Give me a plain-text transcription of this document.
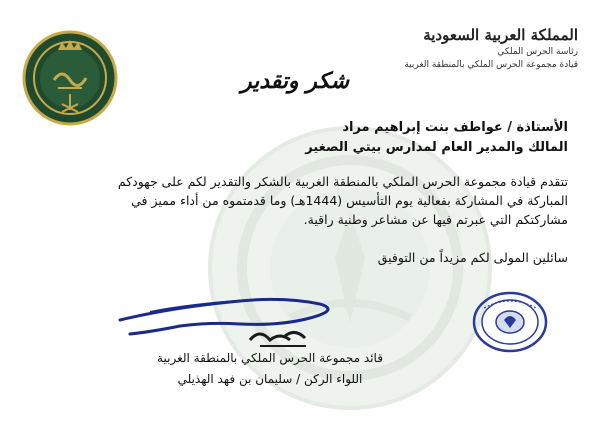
المملكة العربية السعودية
رئاسة الحرس الملكي
قيادة مجموعة الحرس الملكي بالمنطقة الغربية
شكر وتقدير
الأستاذة / عواطف بنت إبراهيم مراد
المالك والمدير العام لمدارس بيتي الصغير
تتقدم قيادة مجموعة الحرس الملكي بالمنطقة الغربية بالشكر والتقدير لكم على جهودكم
المباركة في المشاركة بفعالية يوم التأسيس (1444هـ) وما قدمتموه من أداء مميز في
مشاركتكم التي عبرتم فيها عن مشاعر وطنية راقية.
سائلين المولى لكم مزيداً من التوفيق
قائد مجموعة الحرس الملكي بالمنطقة الغربية
اللواء الركن / سليمان بن فهد الهذيلي
